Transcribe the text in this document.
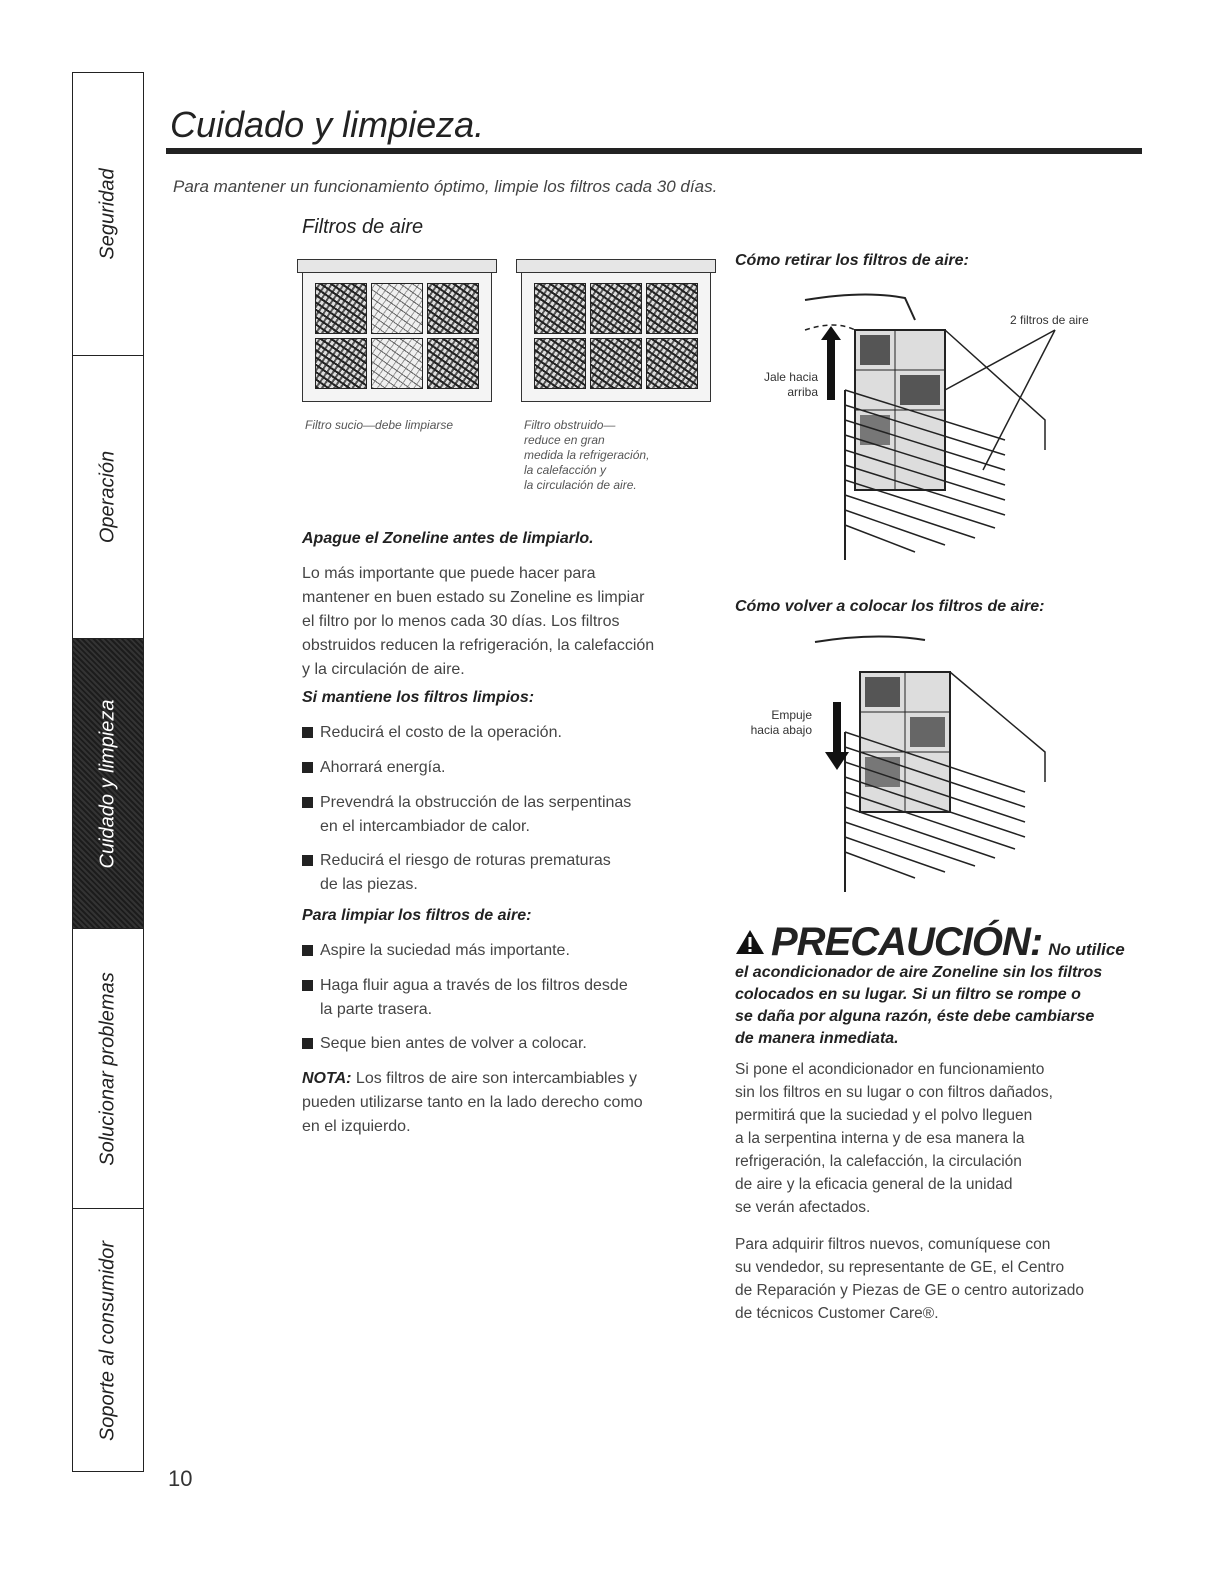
Seguridad
Operación
Cuidado y limpieza
Solucionar problemas
Soporte al consumidor
Cuidado y limpieza.

Para mantener un funcionamiento óptimo, limpie los filtros cada 30 días.

Filtros de aire

Filtro sucio—debe limpiarse	Filtro obstruido—
reduce en gran
medida la refrigeración,
la calefacción y
la circulación de aire.

Apague el Zoneline antes de limpiarlo.

Lo más importante que puede hacer para
mantener en buen estado su Zoneline es limpiar
el filtro por lo menos cada 30 días. Los filtros
obstruidos reducen la refrigeración, la calefacción
y la circulación de aire.

Si mantiene los filtros limpios:

Reducirá el costo de la operación.

Ahorrará energía.

Prevendrá la obstrucción de las serpentinas
en el intercambiador de calor.

Reducirá el riesgo de roturas prematuras
de las piezas.

Para limpiar los filtros de aire:

Aspire la suciedad más importante.

Haga fluir agua a través de los filtros desde
la parte trasera.

Seque bien antes de volver a colocar.

NOTA: Los filtros de aire son intercambiables y
pueden utilizarse tanto en la lado derecho como
en el izquierdo.

Cómo retirar los filtros de aire:

2 filtros de aire
Jale hacia
arriba

Cómo volver a colocar los filtros de aire:

Empuje
hacia abajo

PRECAUCIÓN: No utilice

el acondicionador de aire Zoneline sin los filtros
colocados en su lugar. Si un filtro se rompe o
se daña por alguna razón, éste debe cambiarse
de manera inmediata.

Si pone el acondicionador en funcionamiento
sin los filtros en su lugar o con filtros dañados,
permitirá que la suciedad y el polvo lleguen
a la serpentina interna y de esa manera la
refrigeración, la calefacción, la circulación
de aire y la eficacia general de la unidad
se verán afectados.

Para adquirir filtros nuevos, comuníquese con
su vendedor, su representante de GE, el Centro
de Reparación y Piezas de GE o centro autorizado
de técnicos Customer Care®.

10
